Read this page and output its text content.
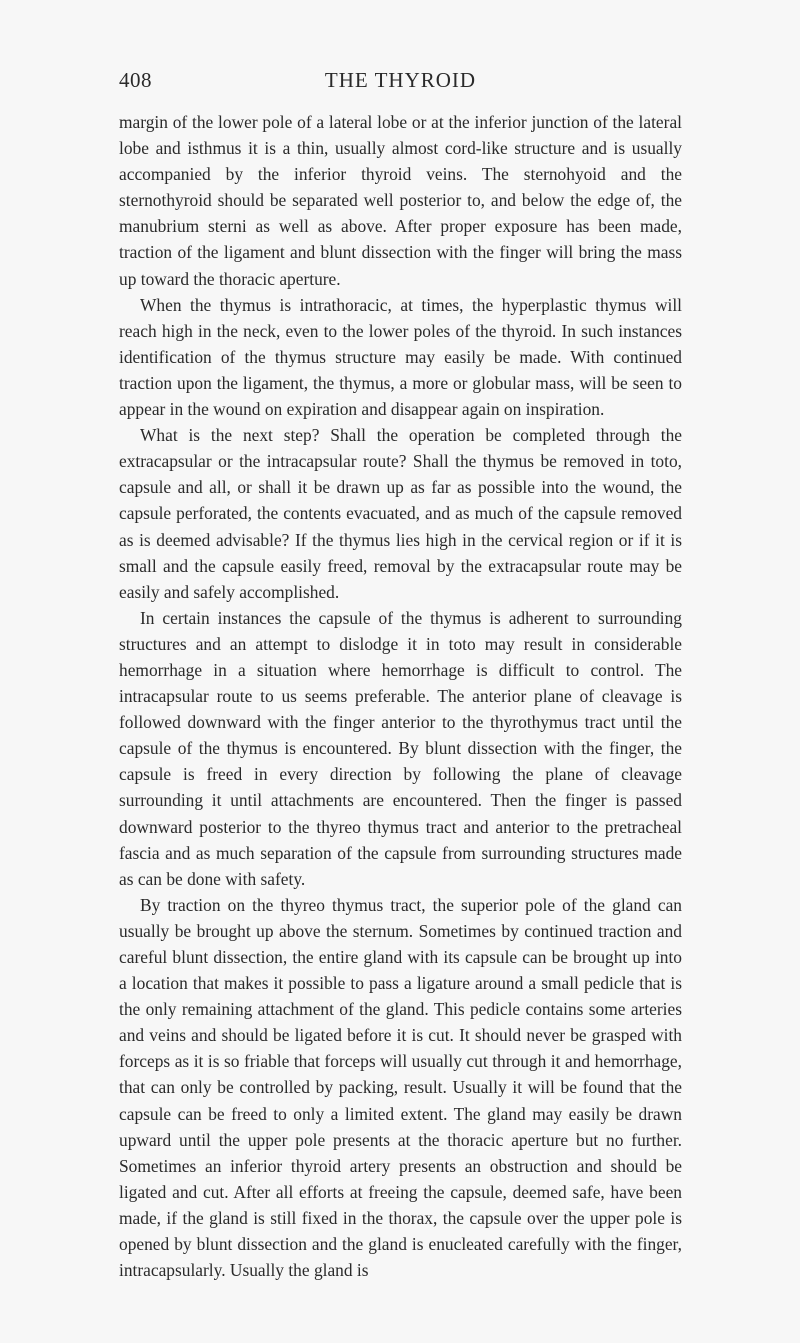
408	THE THYROID

margin of the lower pole of a lateral lobe or at the inferior junction of the lateral lobe and isthmus it is a thin, usually almost cord-like structure and is usually accompanied by the inferior thyroid veins. The sternohyoid and the sternothyroid should be separated well posterior to, and below the edge of, the manubrium sterni as well as above. After proper exposure has been made, traction of the ligament and blunt dissection with the finger will bring the mass up toward the thoracic aperture.

When the thymus is intrathoracic, at times, the hyperplastic thymus will reach high in the neck, even to the lower poles of the thyroid. In such instances identification of the thymus structure may easily be made. With continued traction upon the ligament, the thymus, a more or globular mass, will be seen to appear in the wound on expiration and disappear again on inspiration.

What is the next step? Shall the operation be completed through the extracapsular or the intracapsular route? Shall the thymus be removed in toto, capsule and all, or shall it be drawn up as far as possible into the wound, the capsule perforated, the contents evacuated, and as much of the capsule removed as is deemed advisable? If the thymus lies high in the cervical region or if it is small and the capsule easily freed, removal by the extracapsular route may be easily and safely accomplished.

In certain instances the capsule of the thymus is adherent to surrounding structures and an attempt to dislodge it in toto may result in considerable hemorrhage in a situation where hemorrhage is difficult to control. The intracapsular route to us seems preferable. The anterior plane of cleavage is followed downward with the finger anterior to the thyrothymus tract until the capsule of the thymus is encountered. By blunt dissection with the finger, the capsule is freed in every direction by following the plane of cleavage surrounding it until attachments are encountered. Then the finger is passed downward posterior to the thyreo thymus tract and anterior to the pretracheal fascia and as much separation of the capsule from surrounding structures made as can be done with safety.

By traction on the thyreo thymus tract, the superior pole of the gland can usually be brought up above the sternum. Sometimes by continued traction and careful blunt dissection, the entire gland with its capsule can be brought up into a location that makes it possible to pass a ligature around a small pedicle that is the only remaining attachment of the gland. This pedicle contains some arteries and veins and should be ligated before it is cut. It should never be grasped with forceps as it is so friable that forceps will usually cut through it and hemorrhage, that can only be controlled by packing, result. Usually it will be found that the capsule can be freed to only a limited extent. The gland may easily be drawn upward until the upper pole presents at the thoracic aperture but no further. Sometimes an inferior thyroid artery presents an obstruction and should be ligated and cut. After all efforts at freeing the capsule, deemed safe, have been made, if the gland is still fixed in the thorax, the capsule over the upper pole is opened by blunt dissection and the gland is enucleated carefully with the finger, intracapsularly. Usually the gland is
